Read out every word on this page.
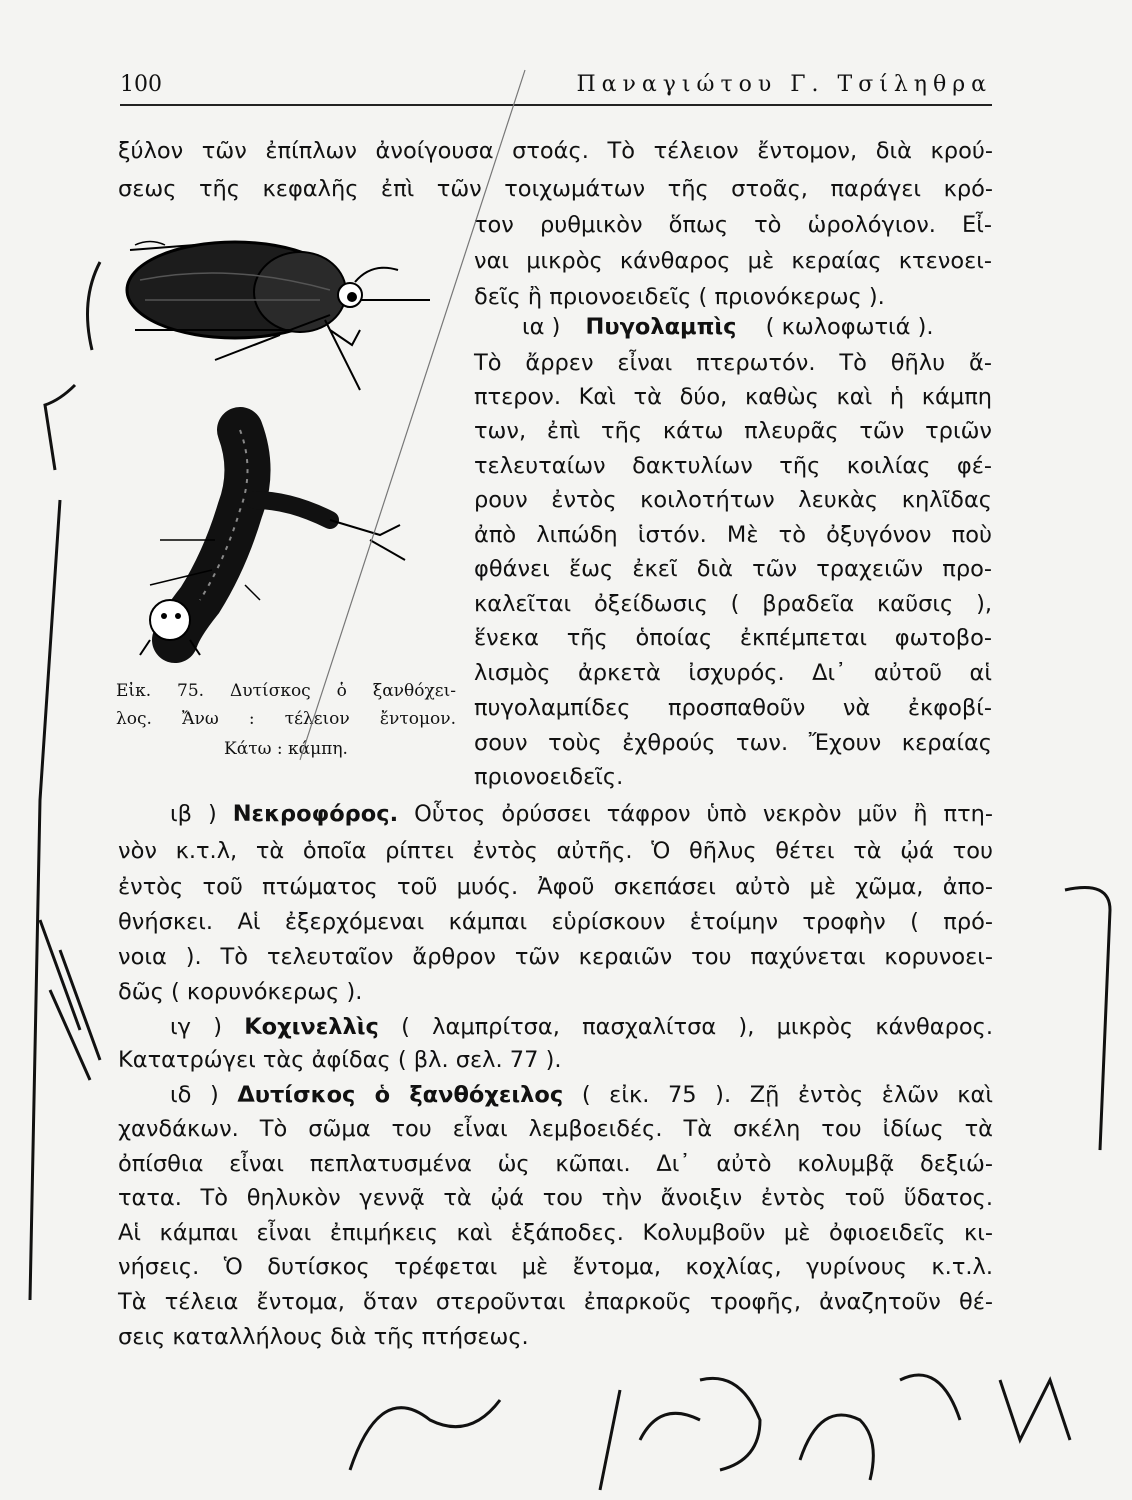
100	Παναγιώτου Γ. Τσίληθρα
ξύλον τῶν ἐπίπλων ἀνοίγουσα στοάς. Τὸ τέλειον ἔντομον, διὰ κρού-
σεως τῆς κεφαλῆς ἐπὶ τῶν τοιχωμάτων τῆς στοᾶς, παράγει κρό-
τον ρυθμικὸν ὅπως τὸ ὡρολόγιον. Εἶ-
ναι μικρὸς κάνθαρος μὲ κεραίας κτενοει-
δεῖς ἢ πριονοειδεῖς ( πριονόκερως ).
ια ) Πυγολαμπὶς ( κωλοφωτιά ).
Τὸ ἄρρεν εἶναι πτερωτόν. Τὸ θῆλυ ἄ-
πτερον. Καὶ τὰ δύο, καθὼς καὶ ἡ κάμπη
των, ἐπὶ τῆς κάτω πλευρᾶς τῶν τριῶν
τελευταίων δακτυλίων τῆς κοιλίας φέ-
ρουν ἐντὸς κοιλοτήτων λευκὰς κηλῖδας
ἀπὸ λιπώδη ἱστόν. Μὲ τὸ ὀξυγόνον ποὺ
φθάνει ἕως ἐκεῖ διὰ τῶν τραχειῶν προ-
καλεῖται ὀξείδωσις ( βραδεῖα καῦσις ),
ἕνεκα τῆς ὁποίας ἐκπέμπεται φωτοβο-
λισμὸς ἀρκετὰ ἰσχυρός. Δι᾽ αὐτοῦ αἱ
πυγολαμπίδες προσπαθοῦν νὰ ἐκφοβί-
σουν τοὺς ἐχθρούς των. Ἔχουν κεραίας
πριονοειδεῖς.
Εἰκ. 75. Δυτίσκος ὁ ξανθόχει-
λος. Ἄνω : τέλειον ἔντομον.
Κάτω : κάμπη.
ιβ ) Νεκροφόρος. Οὗτος ὀρύσσει τάφρον ὑπὸ νεκρὸν μῦν ἢ πτη-
νὸν κ.τ.λ, τὰ ὁποῖα ρίπτει ἐντὸς αὐτῆς. Ὁ θῆλυς θέτει τὰ ᾠά του
ἐντὸς τοῦ πτώματος τοῦ μυός. Ἀφοῦ σκεπάσει αὐτὸ μὲ χῶμα, ἀπο-
θνήσκει. Αἱ ἐξερχόμεναι κάμπαι εὑρίσκουν ἑτοίμην τροφὴν ( πρό-
νοια ). Τὸ τελευταῖον ἄρθρον τῶν κεραιῶν του παχύνεται κορυνοει-
δῶς ( κορυνόκερως ).
ιγ ) Κοχινελλὶς ( λαμπρίτσα, πασχαλίτσα ), μικρὸς κάνθαρος.
Κατατρώγει τὰς ἀφίδας ( βλ. σελ. 77 ).
ιδ ) Δυτίσκος ὁ ξανθόχειλος ( εἰκ. 75 ). Ζῇ ἐντὸς ἑλῶν καὶ
χανδάκων. Τὸ σῶμα του εἶναι λεμβοειδές. Τὰ σκέλη του ἰδίως τὰ
ὀπίσθια εἶναι πεπλατυσμένα ὡς κῶπαι. Δι᾽ αὐτὸ κολυμβᾷ δεξιώ-
τατα. Τὸ θηλυκὸν γεννᾷ τὰ ᾠά του τὴν ἄνοιξιν ἐντὸς τοῦ ὕδατος.
Αἱ κάμπαι εἶναι ἐπιμήκεις καὶ ἑξάποδες. Κολυμβοῦν μὲ ὀφιοειδεῖς κι-
νήσεις. Ὁ δυτίσκος τρέφεται μὲ ἔντομα, κοχλίας, γυρίνους κ.τ.λ.
Τὰ τέλεια ἔντομα, ὅταν στεροῦνται ἐπαρκοῦς τροφῆς, ἀναζητοῦν θέ-
σεις καταλλήλους διὰ τῆς πτήσεως.
